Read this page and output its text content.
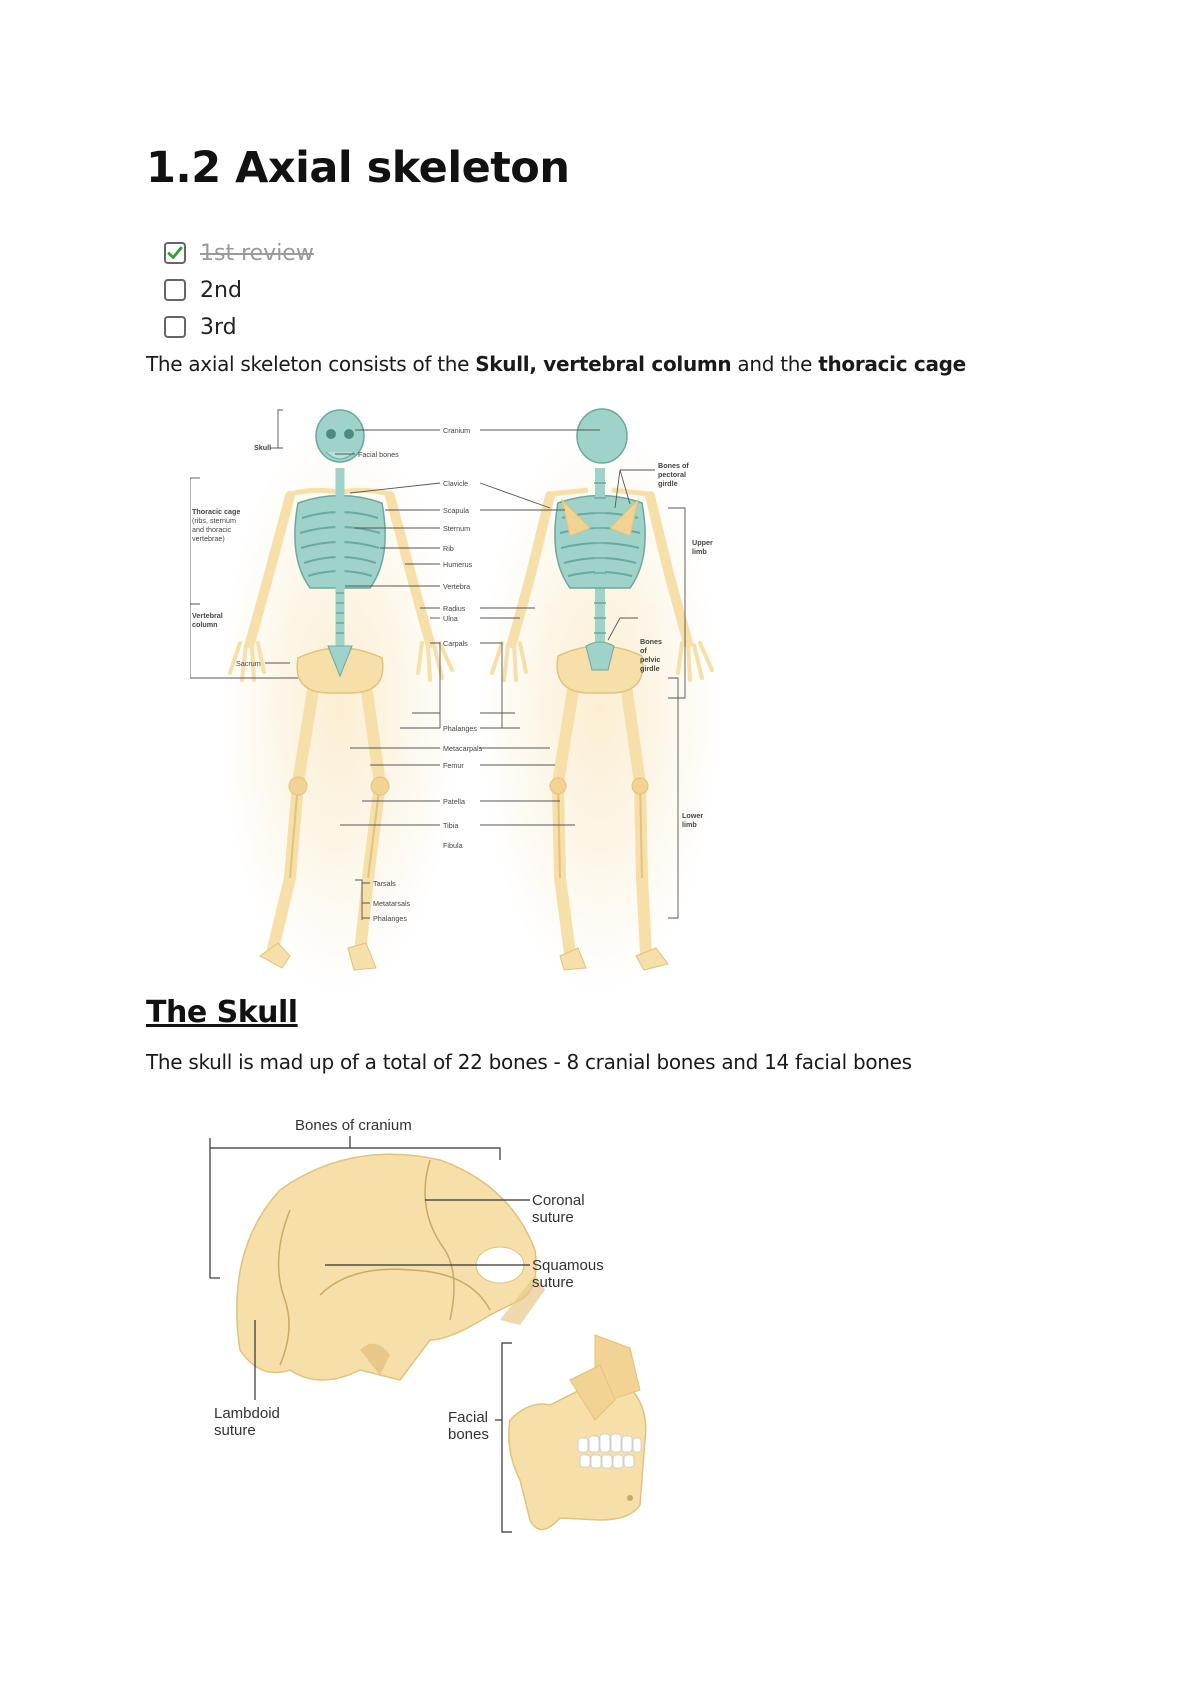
1.2 Axial skeleton
1st review
2nd
3rd

The axial skeleton consists of the Skull, vertebral column and the thoracic cage

Skull
Facial bones
Cranium
Thoracic cage
(ribs, sternum
and thoracic
vertebrae)
Vertebral
column
Sacrum
Clavicle
Scapula
Sternum
Rib
Humerus
Vertebra
Radius
Ulna
Carpals
Phalanges
Metacarpals
Femur
Patella
Tibia
Fibula
Tarsals
Metatarsals
Phalanges
Bones of
pectoral
girdle
Upper
limb
Bones
of
pelvic
girdle
Lower
limb
The Skull

The skull is mad up of a total of 22 bones - 8 cranial bones and 14 facial bones

Bones of cranium
Coronal
suture
Squamous
suture
Lambdoid
suture
Facial
bones
